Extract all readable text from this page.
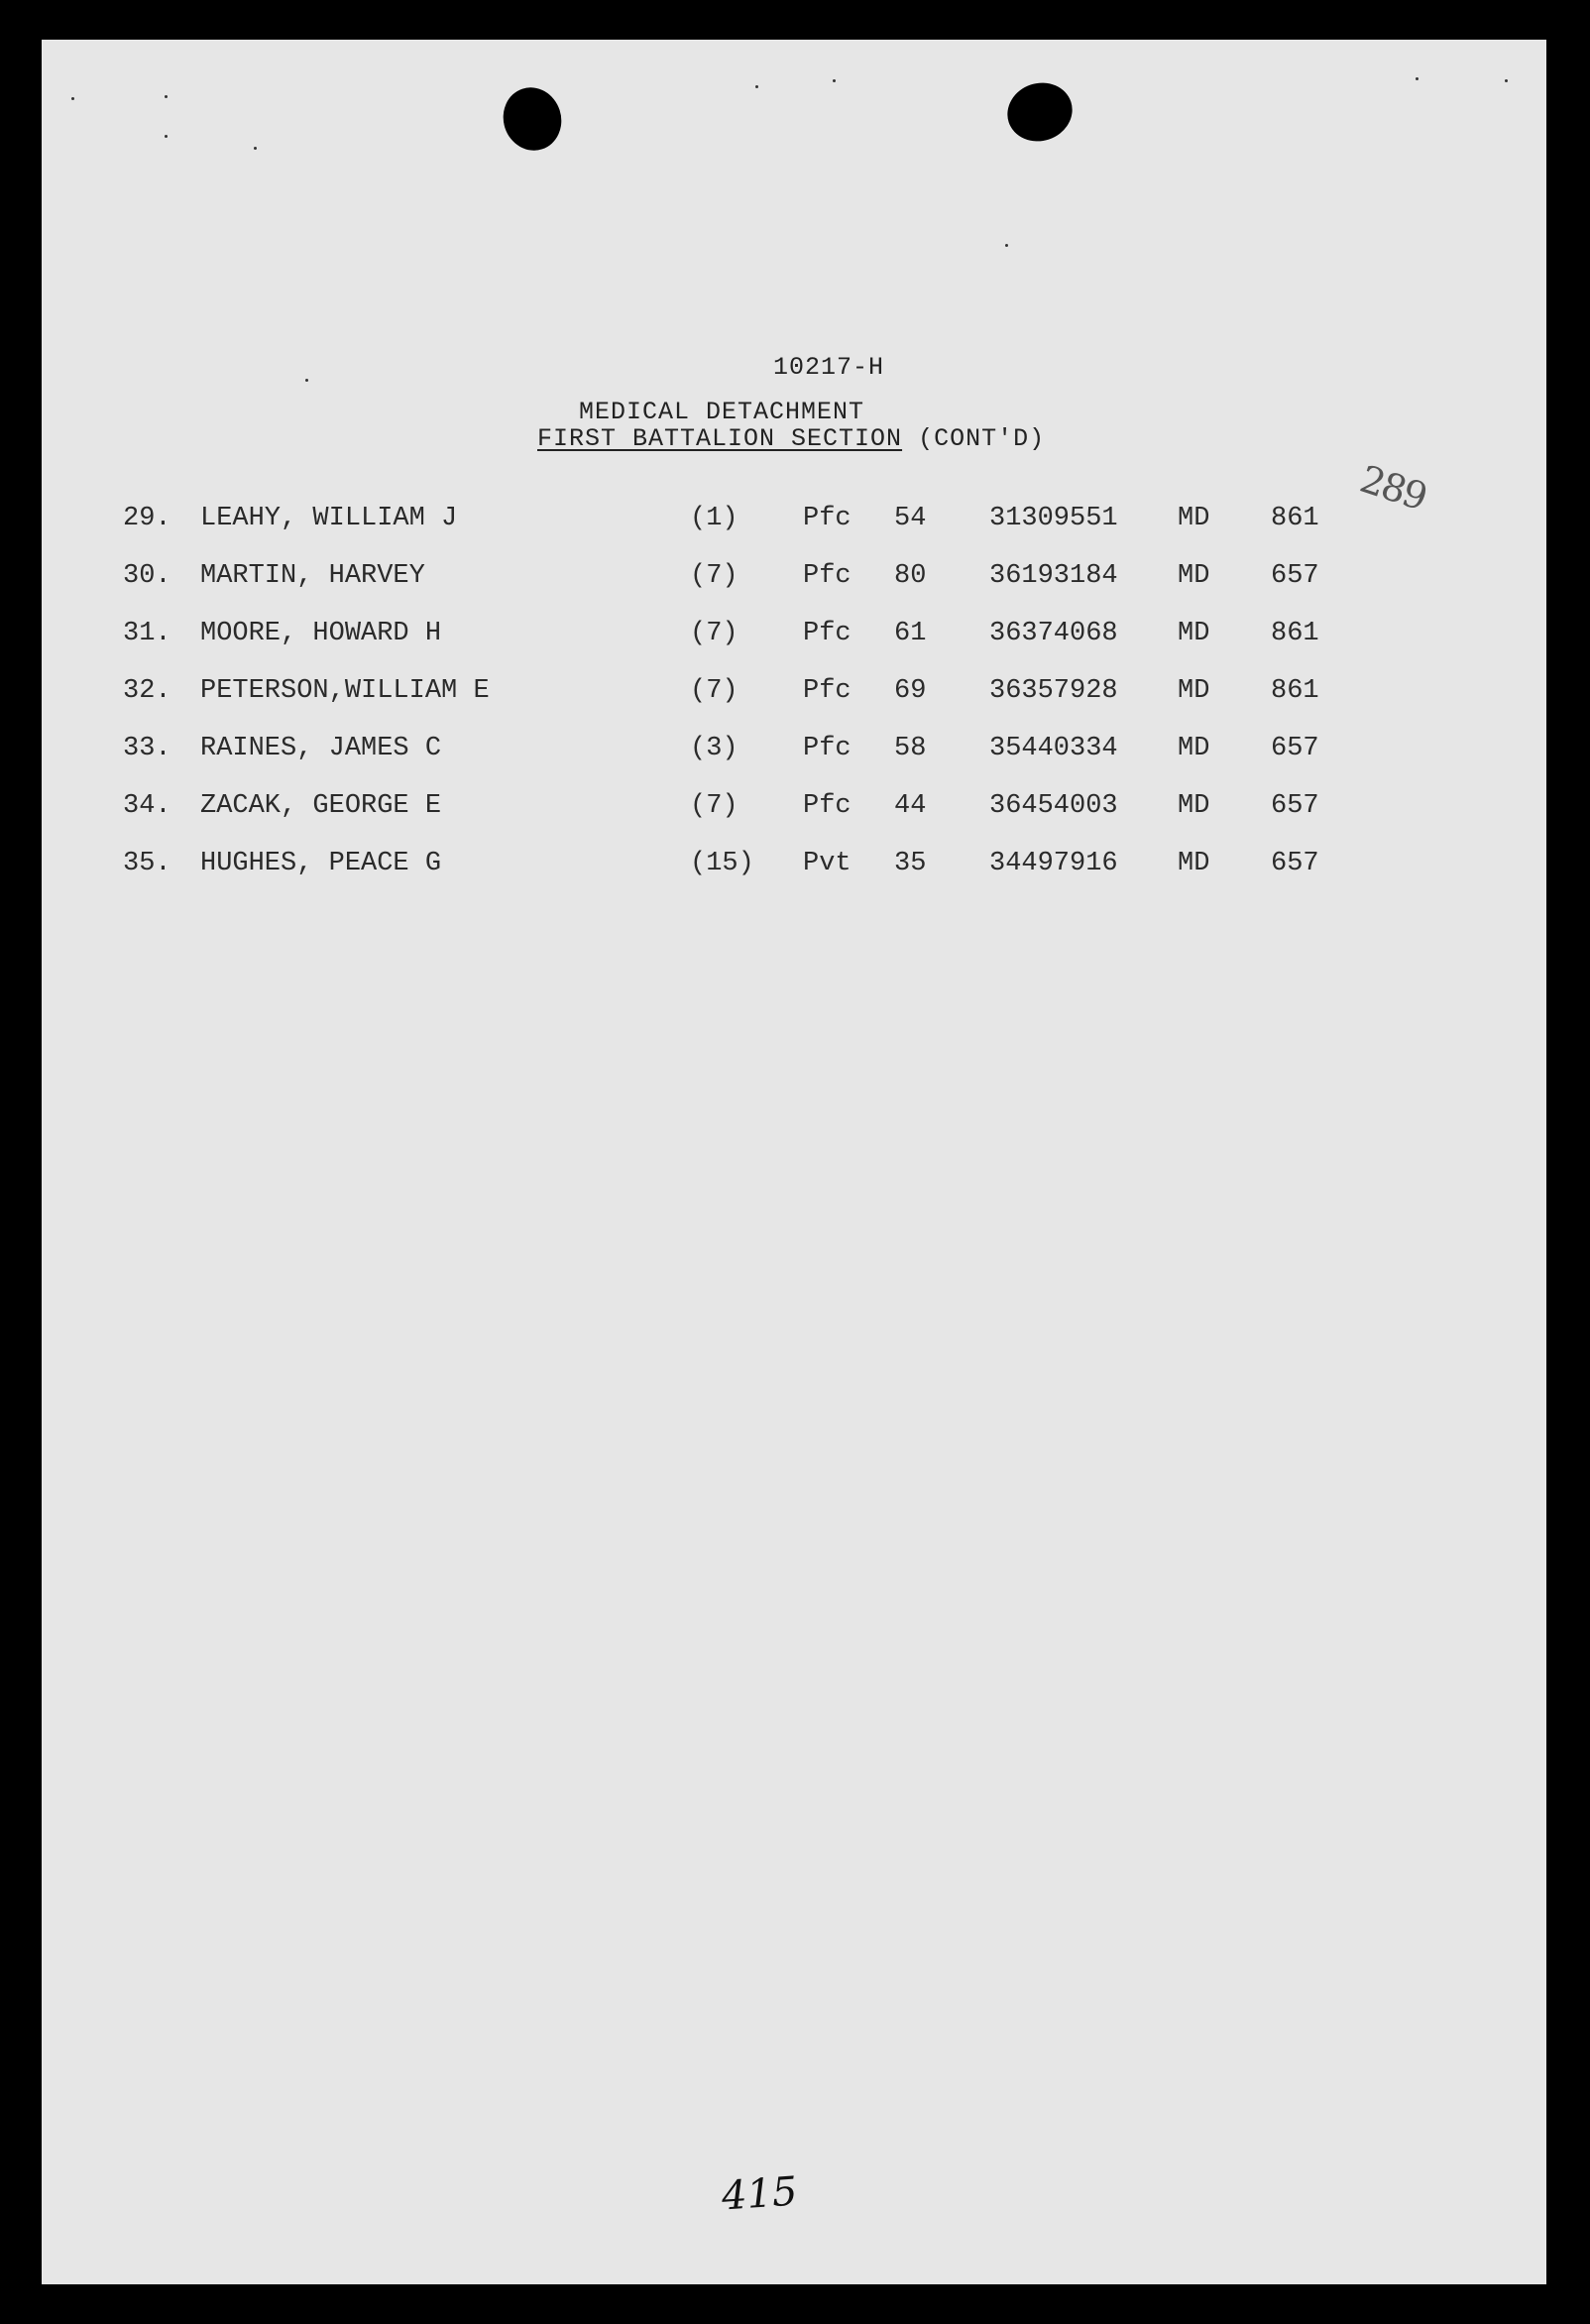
10217-H
MEDICAL DETACHMENT
FIRST BATTALION SECTION (CONT'D)
289
29. LEAHY, WILLIAM J	(1) Pfc 54 31309551 MD 861
30. MARTIN, HARVEY	(7) Pfc 80 36193184 MD 657
31. MOORE, HOWARD H	(7) Pfc 61 36374068 MD 861
32. PETERSON,WILLIAM E	(7) Pfc 69 36357928 MD 861
33. RAINES, JAMES C	(3) Pfc 58 35440334 MD 657
34. ZACAK, GEORGE E	(7) Pfc 44 36454003 MD 657
35. HUGHES, PEACE G	(15) Pvt 35 34497916 MD 657
415
